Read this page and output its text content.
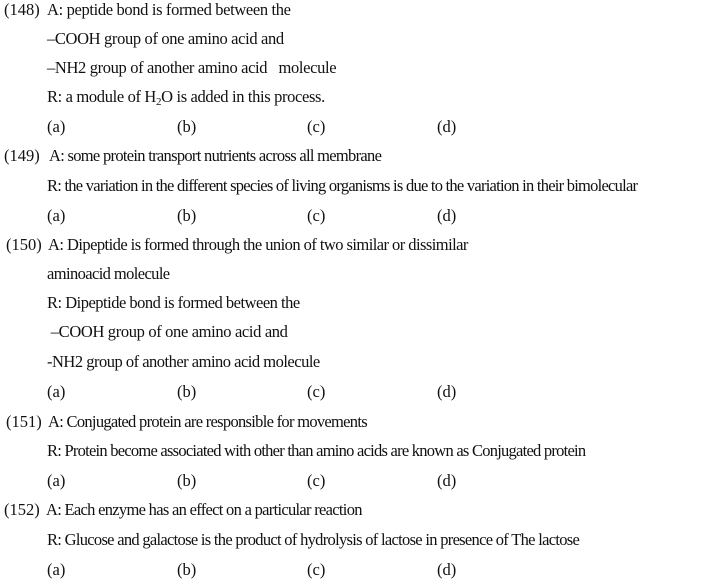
(148) A: peptide bond is formed between the
–COOH group of one amino acid and
–NH2 group of another amino acid   molecule
R: a module of $H_2O$ is added in this process.
(a)	(b)	(c)	(d)
(149) A: some protein transport nutrients across all membrane
R: the variation in the different species of living organisms is due to the variation in their bimolecular
(a)	(b)	(c)	(d)
(150) A: Dipeptide is formed through the union of two similar or dissimilar
aminoacid molecule
R: Dipeptide bond is formed between the
–COOH group of one amino acid and
-NH2 group of another amino acid molecule
(a)	(b)	(c)	(d)
(151) A: Conjugated protein are responsible for movements
R: Protein become associated with other than amino acids are known as Conjugated protein
(a)	(b)	(c)	(d)
(152) A: Each enzyme has an effect on a particular reaction
R: Glucose and galactose is the product of hydrolysis of lactose in presence of The lactose
(a)	(b)	(c)	(d)
